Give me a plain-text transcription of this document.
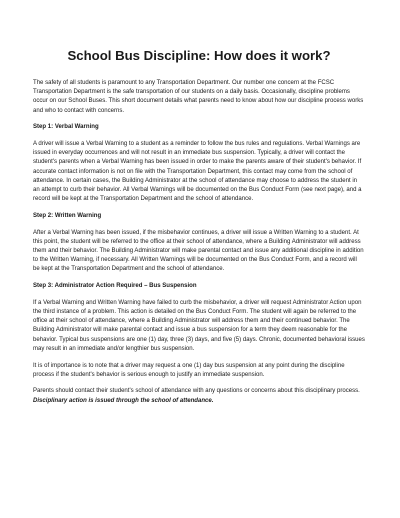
School Bus Discipline: How does it work?

The safety of all students is paramount to any Transportation Department. Our number one concern at the FCSC Transportation Department is the safe transportation of our students on a daily basis. Occasionally, discipline problems occur on our School Buses. This short document details what parents need to know about how our discipline process works and who to contact with concerns.

Step 1: Verbal Warning

A driver will issue a Verbal Warning to a student as a reminder to follow the bus rules and regulations. Verbal Warnings are issued in everyday occurrences and will not result in an immediate bus suspension. Typically, a driver will contact the student's parents when a Verbal Warning has been issued in order to make the parents aware of their student's behavior. If accurate contact information is not on file with the Transportation Department, this contact may come from the school of attendance. In certain cases, the Building Administrator at the school of attendance may choose to address the student in an attempt to curb their behavior. All Verbal Warnings will be documented on the Bus Conduct Form (see next page), and a record will be kept at the Transportation Department and the school of attendance.

Step 2: Written Warning

After a Verbal Warning has been issued, if the misbehavior continues, a driver will issue a Written Warning to a student. At this point, the student will be referred to the office at their school of attendance, where a Building Administrator will address them and their behavior. The Building Administrator will make parental contact and issue any additional discipline in addition to the Written Warning, if necessary. All Written Warnings will be documented on the Bus Conduct Form, and a record will be kept at the Transportation Department and the school of attendance.

Step 3: Administrator Action Required – Bus Suspension

If a Verbal Warning and Written Warning have failed to curb the misbehavior, a driver will request Administrator Action upon the third instance of a problem. This action is detailed on the Bus Conduct Form. The student will again be referred to the office at their school of attendance, where a Building Administrator will address them and their continued behavior. The Building Administrator will make parental contact and issue a bus suspension for a term they deem reasonable for the behavior. Typical bus suspensions are one (1) day, three (3) days, and five (5) days. Chronic, documented behavioral issues may result in an immediate and/or lengthier bus suspension.

It is of importance is to note that a driver may request a one (1) day bus suspension at any point during the discipline process if the student's behavior is serious enough to justify an immediate suspension.

Parents should contact their student's school of attendance with any questions or concerns about this disciplinary process. Disciplinary action is issued through the school of attendance.
